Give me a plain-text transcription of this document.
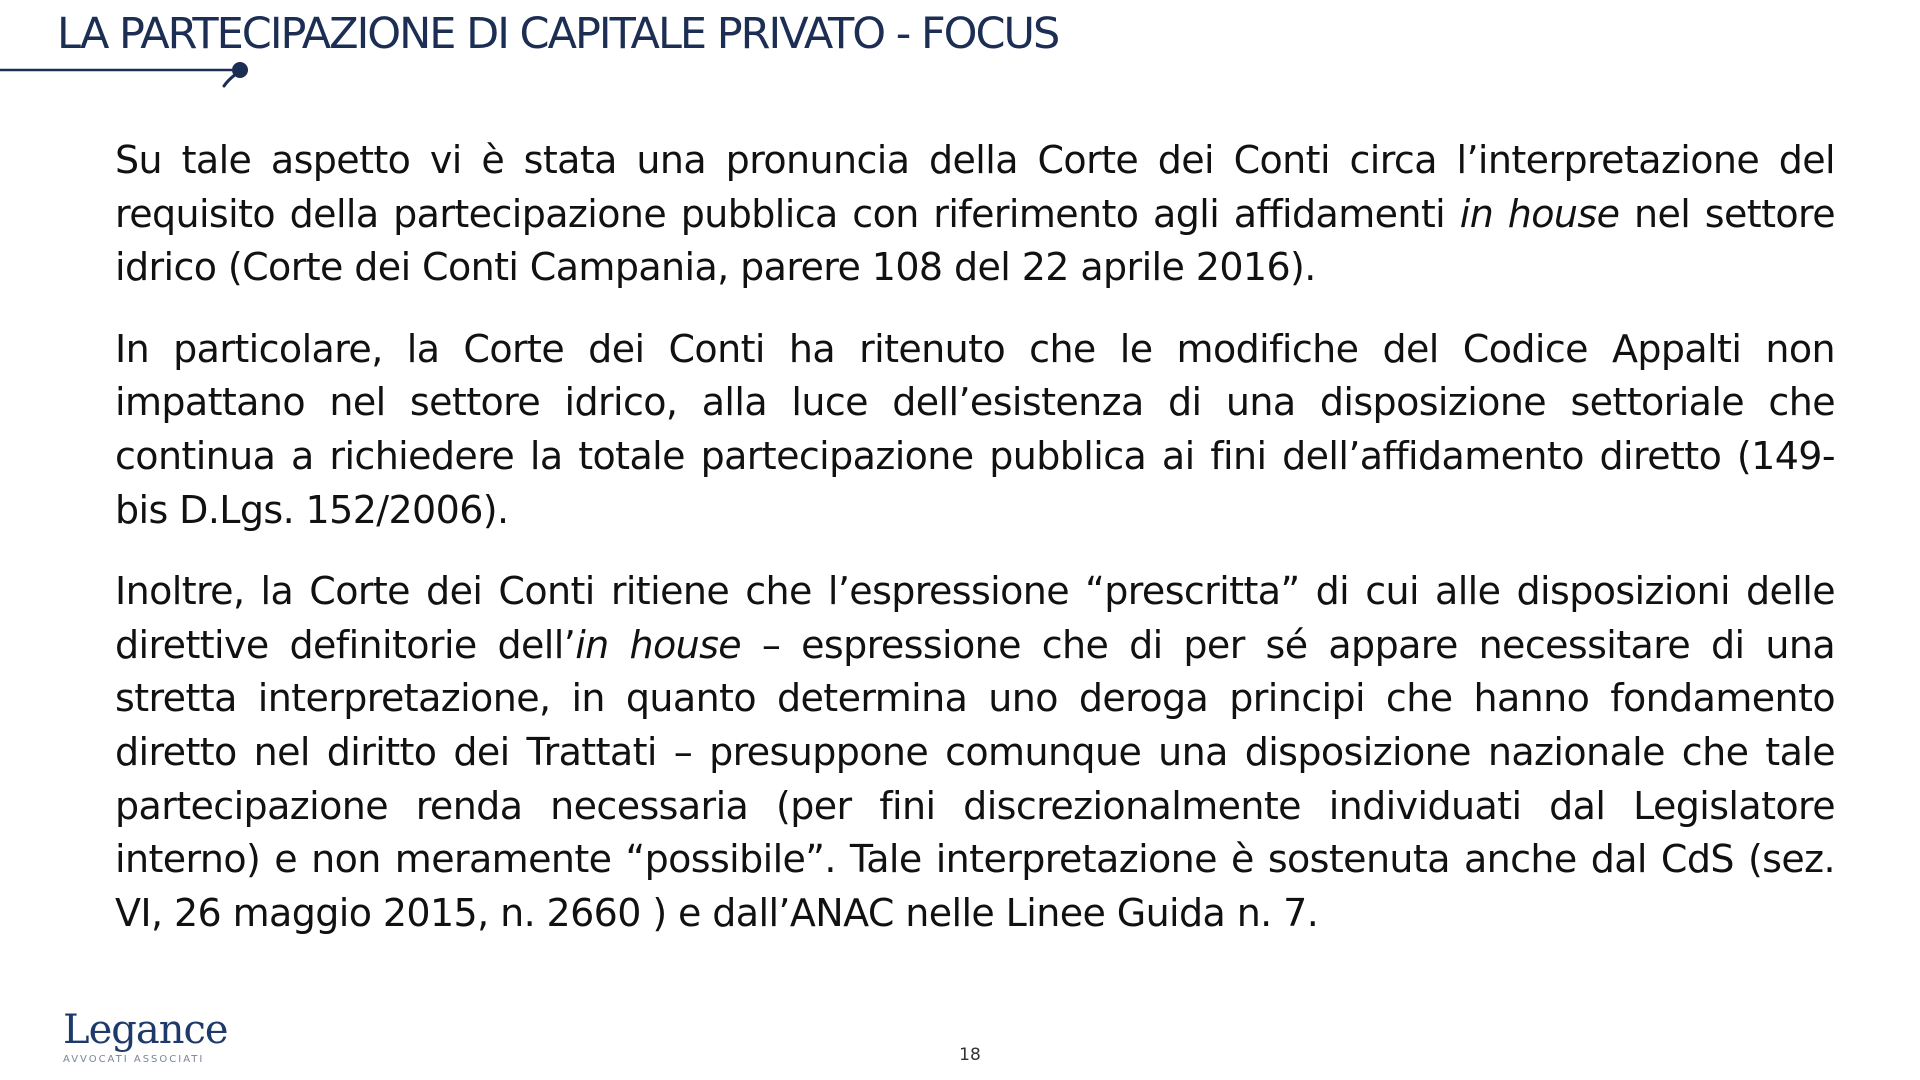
LA PARTECIPAZIONE DI CAPITALE PRIVATO - FOCUS

Su tale aspetto vi è stata una pronuncia della Corte dei Conti circa l’interpretazione del requisito della partecipazione pubblica con riferimento agli affidamenti in house nel settore idrico (Corte dei Conti Campania, parere 108 del 22 aprile 2016).

In particolare, la Corte dei Conti ha ritenuto che le modifiche del Codice Appalti non impattano nel settore idrico, alla luce dell’esistenza di una disposizione settoriale che continua a richiedere la totale partecipazione pubblica ai fini dell’affidamento diretto (149-bis D.Lgs. 152/2006).

Inoltre, la Corte dei Conti ritiene che l’espressione “prescritta” di cui alle disposizioni delle direttive definitorie dell’in house – espressione che di per sé appare necessitare di una stretta interpretazione, in quanto determina uno deroga principi che hanno fondamento diretto nel diritto dei Trattati – presuppone comunque una disposizione nazionale che tale partecipazione renda necessaria (per fini discrezionalmente individuati dal Legislatore interno) e non meramente “possibile”. Tale interpretazione è sostenuta anche dal CdS (sez. VI, 26 maggio 2015, n. 2660 ) e dall’ANAC nelle Linee Guida n. 7.

Legance
AVVOCATI ASSOCIATI	18
